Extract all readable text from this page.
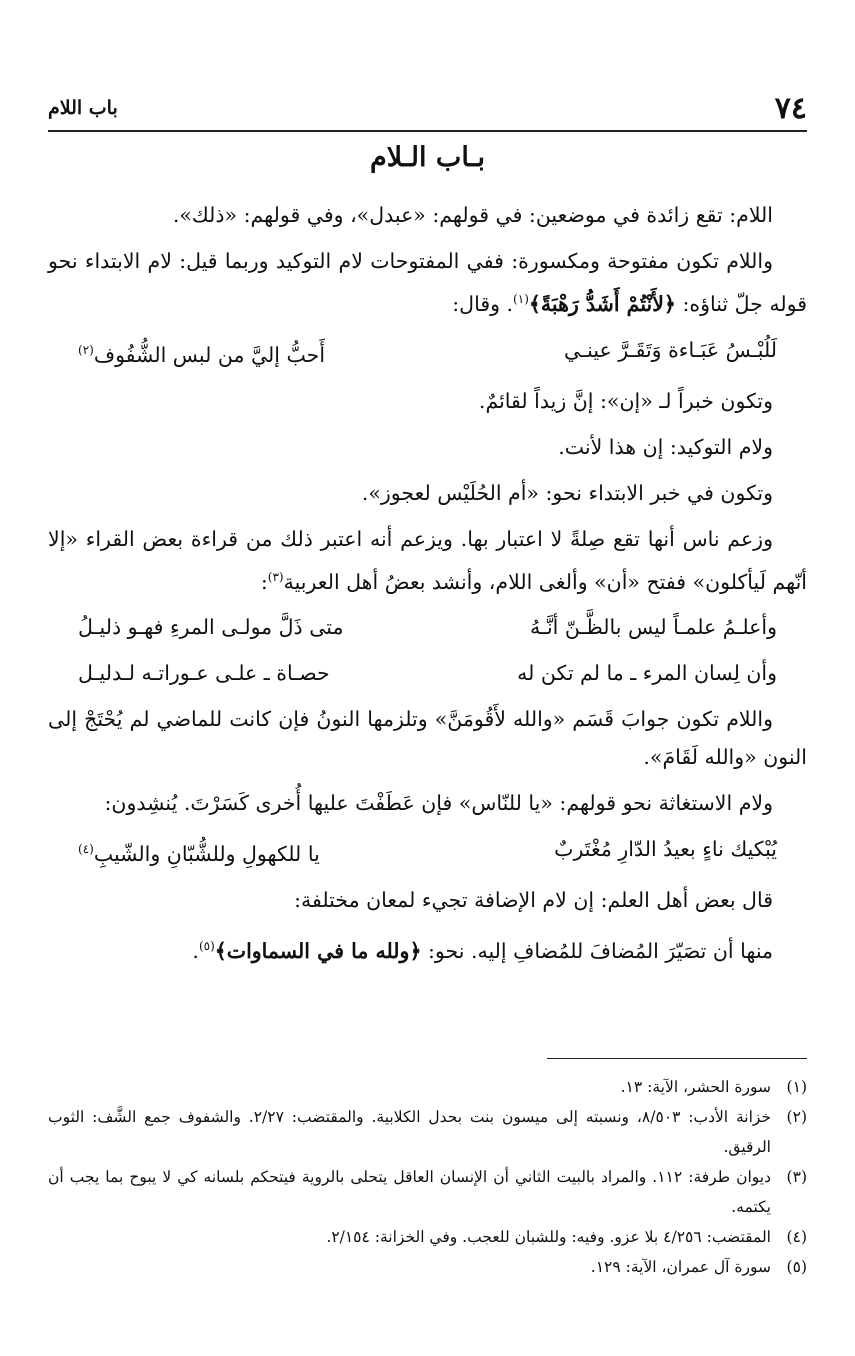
٧٤
باب اللام
بـاب الـلام

اللام: تقع زائدة في موضعين: في قولهم: «عبدل»، وفي قولهم: «ذلك».

واللام تكون مفتوحة ومكسورة: ففي المفتوحات لام التوكيد وربما قيل: لام الابتداء نحو قوله جلّ ثناؤه: ﴿لأَنْتُمْ أَشَدُّ رَهْبَةً﴾$^{(١)}$. وقال:

لَلُبْـسُ عَبَـاءة وَتَقَـرَّ عينـي
أَحبُّ إليَّ من لبس الشُّفُوف$^{(٢)}$

وتكون خبراً لـ «إن»: إنَّ زيداً لقائمٌ.

ولام التوكيد: إن هذا لأنت.

وتكون في خبر الابتداء نحو: «أم الحُلَيْس لعجوز».

وزعم ناس أنها تقع صِلةً لا اعتبار بها. ويزعم أنه اعتبر ذلك من قراءة بعض القراء «إلا أنّهم لَيأكلون» ففتح «أن» وألغى اللام، وأنشد بعضُ أهل العربية$^{(٣)}$:

وأعلـمُ علمـاً ليس بالظَّـنّ أنَّـهُ
متى ذَلَّ مولـى المرءِ فهـو ذليـلُ
وأن لِسان المرء ـ ما لم تكن له
حصـاة ـ علـى عـوراتـه لـدليـل

واللام تكون جوابَ قَسَم «والله لأَقُومَنَّ» وتلزمها النونُ فإن كانت للماضي لم يُحْتَجْ إلى النون «والله لَقَامَ».

ولام الاستغاثة نحو قولهم: «يا للنّاس» فإن عَطَفْتَ عليها أُخرى كَسَرْتَ. يُنشِدون:

يُبْكيك ناءٍ بعيدُ الدّارِ مُغْتَربٌ
يا للكهولِ وللشُّبّانِ والشّيبِ$^{(٤)}$

قال بعض أهل العلم: إن لام الإضافة تجيء لمعان مختلفة:

منها أن تصَيّرَ المُضافَ للمُضافِ إليه. نحو: ﴿ولله ما في السماوات﴾$^{(٥)}$.

(١)
سورة الحشر، الآية: ١٣.
(٢)
خزانة الأدب: ٨/٥٠٣، ونسبته إلى ميسون بنت بحدل الكلابية. والمقتضب: ٢/٢٧. والشفوف جمع الشَّف: الثوب الرقيق.
(٣)
ديوان طرفة: ١١٢. والمراد بالبيت الثاني أن الإنسان العاقل يتحلى بالروية فيتحكم بلسانه كي لا يبوح بما يجب أن يكتمه.
(٤)
المقتضب: ٤/٢٥٦ بلا عزو. وفيه: وللشبان للعجب. وفي الخزانة: ٢/١٥٤.
(٥)
سورة آل عمران، الآية: ١٢٩.
